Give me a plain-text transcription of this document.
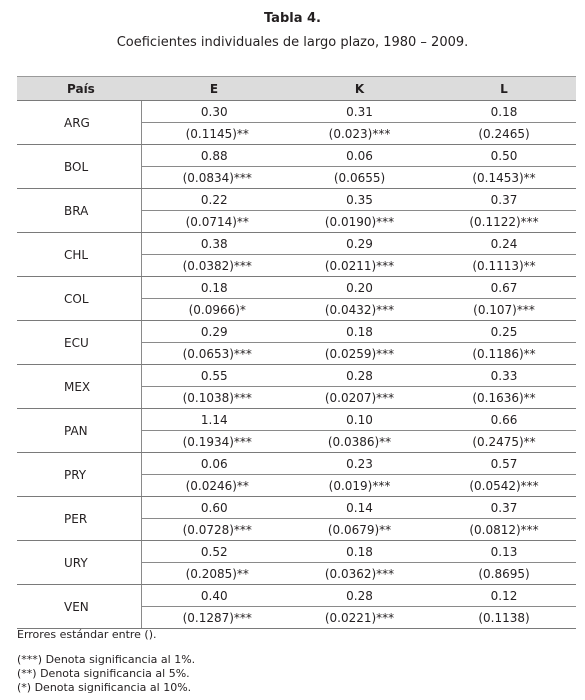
Tabla 4.
Coeficientes individuales de largo plazo, 1980 – 2009.
País	E	K	L
ARG	0.30	0.31	0.18
	(0.1145)**	(0.023)***	(0.2465)
BOL	0.88	0.06	0.50
	(0.0834)***	(0.0655)	(0.1453)**
BRA	0.22	0.35	0.37
	(0.0714)**	(0.0190)***	(0.1122)***
CHL	0.38	0.29	0.24
	(0.0382)***	(0.0211)***	(0.1113)**
COL	0.18	0.20	0.67
	(0.0966)*	(0.0432)***	(0.107)***
ECU	0.29	0.18	0.25
	(0.0653)***	(0.0259)***	(0.1186)**
MEX	0.55	0.28	0.33
	(0.1038)***	(0.0207)***	(0.1636)**
PAN	1.14	0.10	0.66
	(0.1934)***	(0.0386)**	(0.2475)**
PRY	0.06	0.23	0.57
	(0.0246)**	(0.019)***	(0.0542)***
PER	0.60	0.14	0.37
	(0.0728)***	(0.0679)**	(0.0812)***
URY	0.52	0.18	0.13
	(0.2085)**	(0.0362)***	(0.8695)
VEN	0.40	0.28	0.12
	(0.1287)***	(0.0221)***	(0.1138)
Errores estándar entre ().
(***) Denota significancia al 1%.
(**) Denota significancia al 5%.
(*) Denota significancia al 10%.
